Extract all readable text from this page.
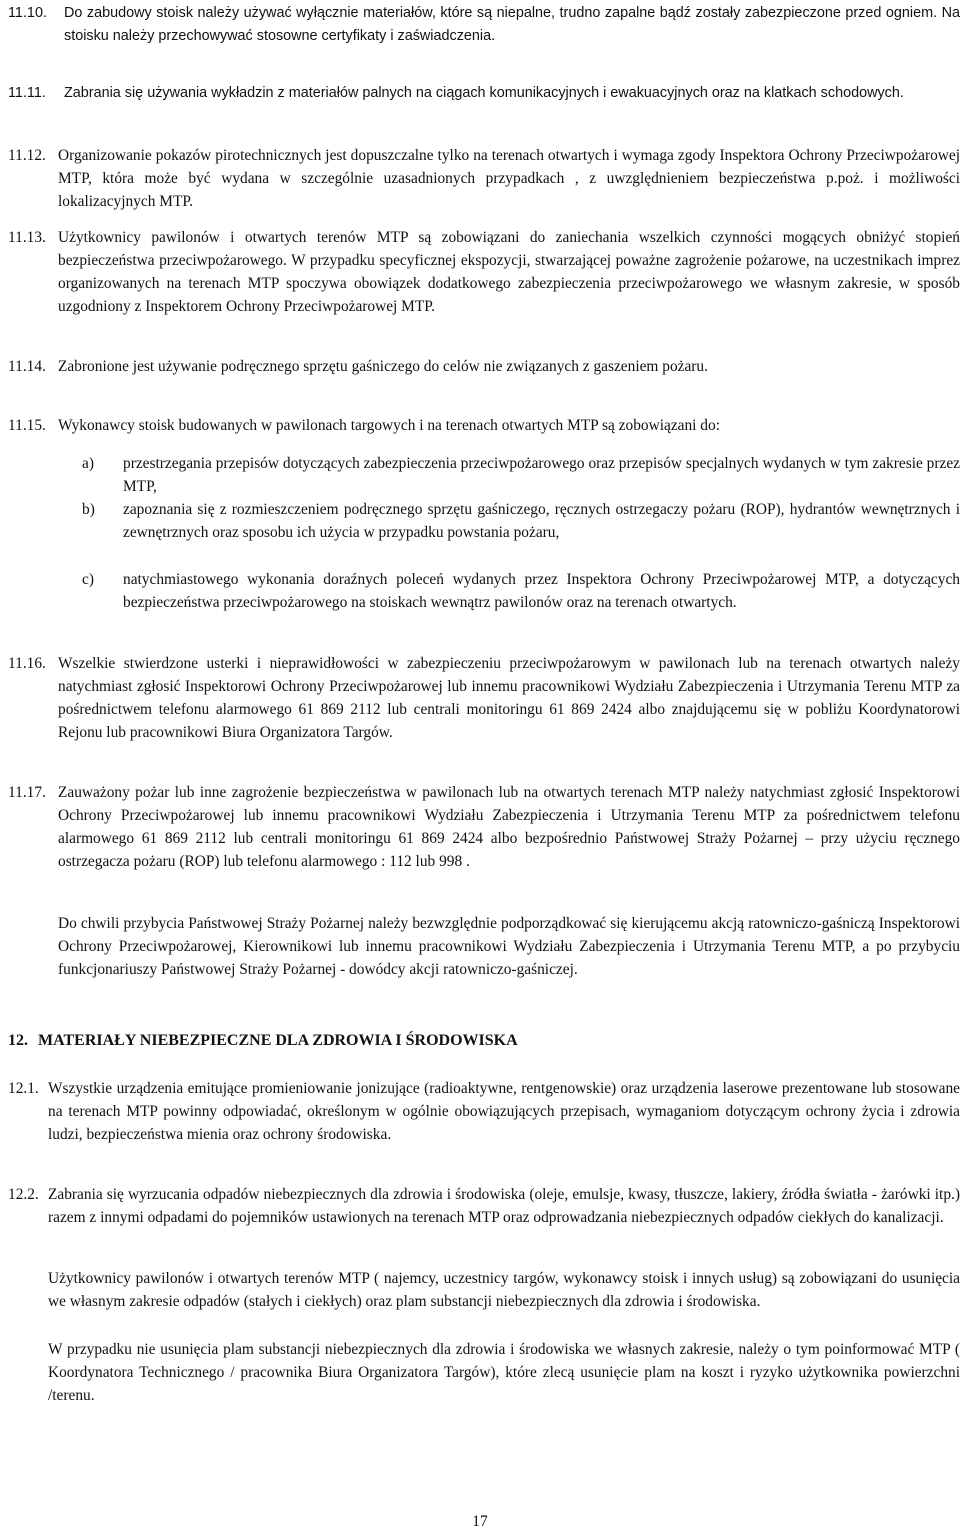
11.10. Do zabudowy stoisk należy używać wyłącznie materiałów, które są niepalne, trudno zapalne bądź zostały zabezpieczone przed ogniem. Na stoisku należy przechowywać stosowne certyfikaty i zaświadczenia.
11.11. Zabrania się używania wykładzin z materiałów palnych na ciągach komunikacyjnych i ewakuacyjnych oraz na klatkach schodowych.
11.12. Organizowanie pokazów pirotechnicznych jest dopuszczalne tylko na terenach otwartych i wymaga zgody Inspektora Ochrony Przeciwpożarowej MTP, która może być wydana w szczególnie uzasadnionych przypadkach , z uwzględnieniem bezpieczeństwa p.poż. i możliwości lokalizacyjnych MTP.
11.13. Użytkownicy pawilonów i otwartych terenów MTP są zobowiązani do zaniechania wszelkich czynności mogących obniżyć stopień bezpieczeństwa przeciwpożarowego. W przypadku specyficznej ekspozycji, stwarzającej poważne zagrożenie pożarowe, na uczestnikach imprez organizowanych na terenach MTP spoczywa obowiązek dodatkowego zabezpieczenia przeciwpożarowego we własnym zakresie, w sposób uzgodniony z Inspektorem Ochrony Przeciwpożarowej MTP.
11.14. Zabronione jest używanie podręcznego sprzętu gaśniczego do celów nie związanych z gaszeniem pożaru.
11.15. Wykonawcy stoisk budowanych w pawilonach targowych i na terenach otwartych MTP są zobowiązani do:
a) przestrzegania przepisów dotyczących zabezpieczenia przeciwpożarowego oraz przepisów specjalnych wydanych w tym zakresie przez MTP,
b) zapoznania się z rozmieszczeniem podręcznego sprzętu gaśniczego, ręcznych ostrzegaczy pożaru (ROP), hydrantów wewnętrznych i zewnętrznych oraz sposobu ich użycia w przypadku powstania pożaru,
c) natychmiastowego wykonania doraźnych poleceń wydanych przez Inspektora Ochrony Przeciwpożarowej MTP, a dotyczących bezpieczeństwa przeciwpożarowego na stoiskach wewnątrz pawilonów oraz na terenach otwartych.
11.16. Wszelkie stwierdzone usterki i nieprawidłowości w zabezpieczeniu przeciwpożarowym w pawilonach lub na terenach otwartych należy natychmiast zgłosić Inspektorowi Ochrony Przeciwpożarowej lub innemu pracownikowi Wydziału Zabezpieczenia i Utrzymania Terenu MTP za pośrednictwem telefonu alarmowego 61 869 2112 lub centrali monitoringu 61 869 2424 albo znajdującemu się w pobliżu Koordynatorowi Rejonu lub pracownikowi Biura Organizatora Targów.
11.17. Zauważony pożar lub inne zagrożenie bezpieczeństwa w pawilonach lub na otwartych terenach MTP należy natychmiast zgłosić Inspektorowi Ochrony Przeciwpożarowej lub innemu pracownikowi Wydziału Zabezpieczenia i Utrzymania Terenu MTP za pośrednictwem telefonu alarmowego 61 869 2112 lub centrali monitoringu 61 869 2424 albo bezpośrednio Państwowej Straży Pożarnej – przy użyciu ręcznego ostrzegacza pożaru (ROP) lub telefonu alarmowego : 112 lub 998 .
Do chwili przybycia Państwowej Straży Pożarnej należy bezwzględnie podporządkować się kierującemu akcją ratowniczo-gaśniczą Inspektorowi Ochrony Przeciwpożarowej, Kierownikowi lub innemu pracownikowi Wydziału Zabezpieczenia i Utrzymania Terenu MTP, a po przybyciu funkcjonariuszy Państwowej Straży Pożarnej - dowódcy akcji ratowniczo-gaśniczej.
12. MATERIAŁY NIEBEZPIECZNE DLA ZDROWIA I ŚRODOWISKA
12.1. Wszystkie urządzenia emitujące promieniowanie jonizujące (radioaktywne, rentgenowskie) oraz urządzenia laserowe prezentowane lub stosowane na terenach MTP powinny odpowiadać, określonym w ogólnie obowiązujących przepisach, wymaganiom dotyczącym ochrony życia i zdrowia ludzi, bezpieczeństwa mienia oraz ochrony środowiska.
12.2. Zabrania się wyrzucania odpadów niebezpiecznych dla zdrowia i środowiska (oleje, emulsje, kwasy, tłuszcze, lakiery, źródła światła - żarówki itp.) razem z innymi odpadami do pojemników ustawionych na terenach MTP oraz odprowadzania niebezpiecznych odpadów ciekłych do kanalizacji.
Użytkownicy pawilonów i otwartych terenów MTP ( najemcy, uczestnicy targów, wykonawcy stoisk i innych usług) są zobowiązani do usunięcia we własnym zakresie odpadów (stałych i ciekłych) oraz plam substancji niebezpiecznych dla zdrowia i środowiska.
W przypadku nie usunięcia plam substancji niebezpiecznych dla zdrowia i środowiska we własnych zakresie, należy o tym poinformować MTP ( Koordynatora Technicznego / pracownika Biura Organizatora Targów), które zlecą usunięcie plam na koszt i ryzyko użytkownika powierzchni /terenu.
17
